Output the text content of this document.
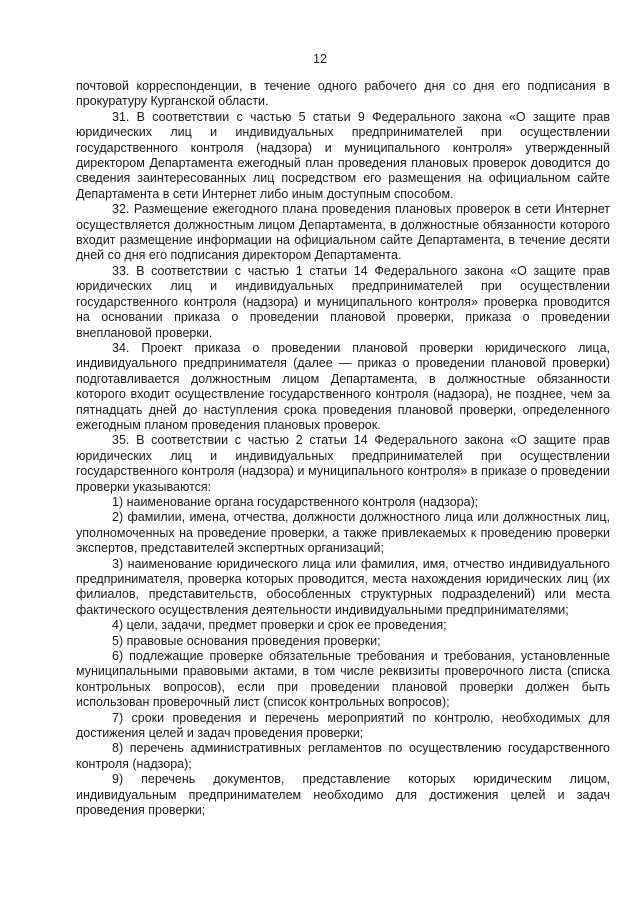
12

почтовой корреспонденции, в течение одного рабочего дня со дня его подписания в прокуратуру Курганской области.

31. В соответствии с частью 5 статьи 9 Федерального закона «О защите прав юридических лиц и индивидуальных предпринимателей при осуществлении государственного контроля (надзора) и муниципального контроля» утвержденный директором Департамента ежегодный план проведения плановых проверок доводится до сведения заинтересованных лиц посредством его размещения на официальном сайте Департамента в сети Интернет либо иным доступным способом.

32. Размещение ежегодного плана проведения плановых проверок в сети Интернет осуществляется должностным лицом Департамента, в должностные обязанности которого входит размещение информации на официальном сайте Департамента, в течение десяти дней со дня его подписания директором Департамента.

33. В соответствии с частью 1 статьи 14 Федерального закона «О защите прав юридических лиц и индивидуальных предпринимателей при осуществлении государственного контроля (надзора) и муниципального контроля» проверка проводится на основании приказа о проведении плановой проверки, приказа о проведении внеплановой проверки.

34. Проект приказа о проведении плановой проверки юридического лица, индивидуального предпринимателя (далее — приказ о проведении плановой проверки) подготавливается должностным лицом Департамента, в должностные обязанности которого входит осуществление государственного контроля (надзора), не позднее, чем за пятнадцать дней до наступления срока проведения плановой проверки, определенного ежегодным планом проведения плановых проверок.

35. В соответствии с частью 2 статьи 14 Федерального закона «О защите прав юридических лиц и индивидуальных предпринимателей при осуществлении государственного контроля (надзора) и муниципального контроля» в приказе о проведении проверки указываются:

1) наименование органа государственного контроля (надзора);

2) фамилии, имена, отчества, должности должностного лица или должностных лиц, уполномоченных на проведение проверки, а также привлекаемых к проведению проверки экспертов, представителей экспертных организаций;

3) наименование юридического лица или фамилия, имя, отчество индивидуального предпринимателя, проверка которых проводится, места нахождения юридических лиц (их филиалов, представительств, обособленных структурных подразделений) или места фактического осуществления деятельности индивидуальными предпринимателями;

4) цели, задачи, предмет проверки и срок ее проведения;

5) правовые основания проведения проверки;

6) подлежащие проверке обязательные требования и требования, установленные муниципальными правовыми актами, в том числе реквизиты проверочного листа (списка контрольных вопросов), если при проведении плановой проверки должен быть использован проверочный лист (список контрольных вопросов);

7) сроки проведения и перечень мероприятий по контролю, необходимых для достижения целей и задач проведения проверки;

8) перечень административных регламентов по осуществлению государственного контроля (надзора);

9) перечень документов, представление которых юридическим лицом, индивидуальным предпринимателем необходимо для достижения целей и задач проведения проверки;
